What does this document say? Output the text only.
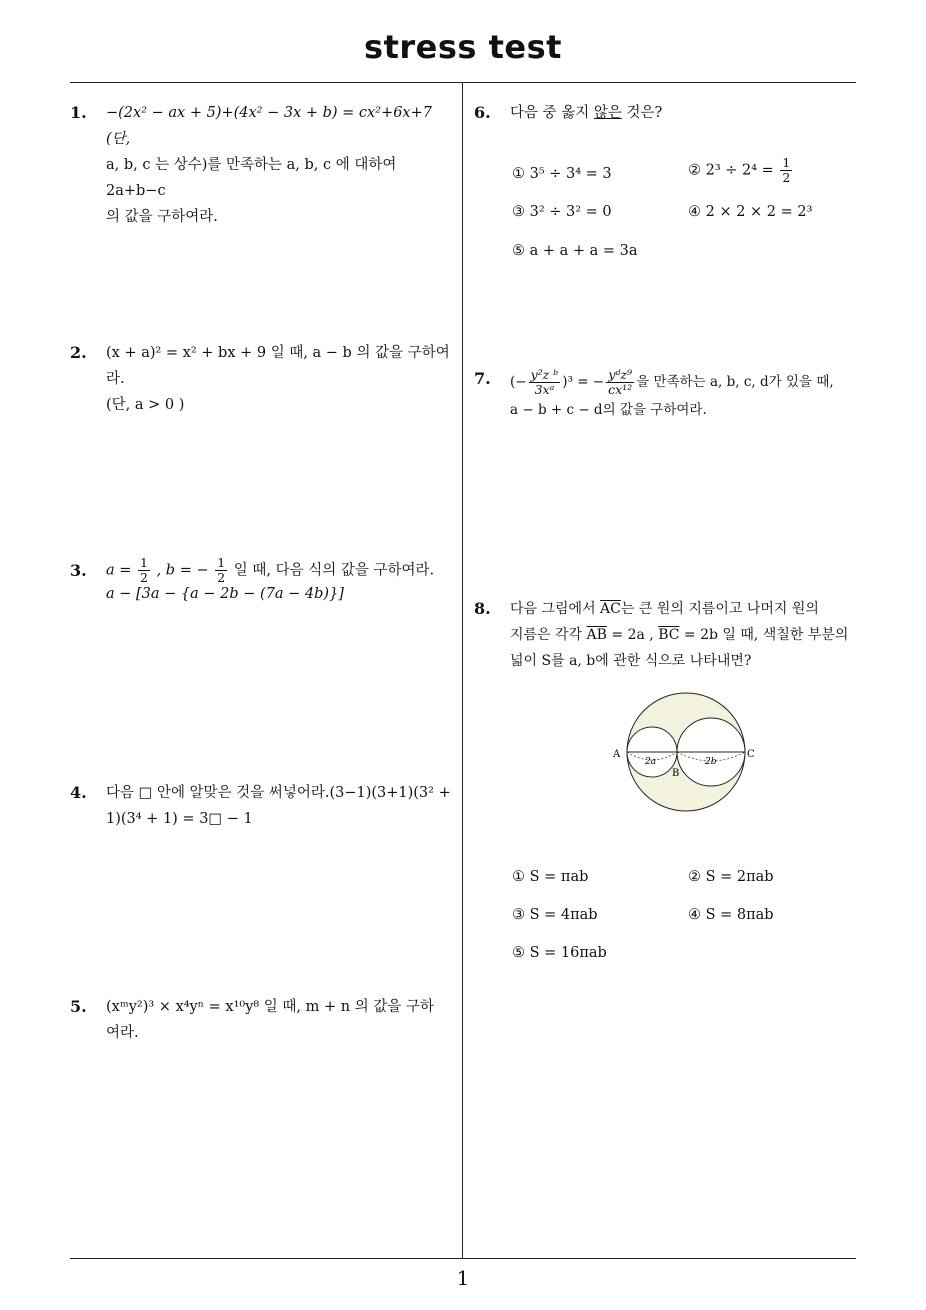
stress test
1
1. −(2x² − ax + 5)+(4x² − 3x + b) = cx²+6x+7 (단,
a, b, c 는 상수)를 만족하는 a, b, c 에 대하여 2a+b−c
의 값을 구하여라.
2. (x + a)² = x² + bx + 9 일 때, a − b 의 값을 구하여라.
(단, a > 0 )
3. $a = \frac{1}{2}$ , b = − $\frac{1}{2}$ 일 때, 다음 식의 값을 구하여라.
a − [3a − {a − 2b − (7a − 4b)}]
4. 다음 □ 안에 알맞은 것을 써넣어라.(3−1)(3+1)(3² +
1)(3⁴ + 1) = 3□ − 1
5. (xᵐy²)³ × x⁴yⁿ = x¹⁰y⁸ 일 때, m + n 의 값을 구하
여라.
6. 다음 중 옳지 않은 것은?
① 3⁵ ÷ 3⁴ = 3	② $2^3 \div 2^4 = \frac{1}{2}$
③ 3² ÷ 3² = 0	④ 2 × 2 × 2 = 2³
⑤ a + a + a = 3a
7. (− $\frac{\text{y²z ᵇ}}{\text{3xᵃ}} )^3$ = − $\frac{\text{yᵈz⁹}}{\text{cx¹²}}$ 을 만족하는 a, b, c, d가 있을 때,
a − b + c − d의 값을 구하여라.
8. 다음 그림에서 $\overline{AC}$는 큰 원의 지름이고 나머지 원의
지름은 각각 $\overline{AB} = 2a$ , $\overline{BC} = 2b$ 일 때, 색칠한 부분의
넓이 S를 a, b에 관한 식으로 나타내면?
A	C
B
2a	2b
① S = πab	② S = 2πab
③ S = 4πab	④ S = 8πab
⑤ S = 16πab
